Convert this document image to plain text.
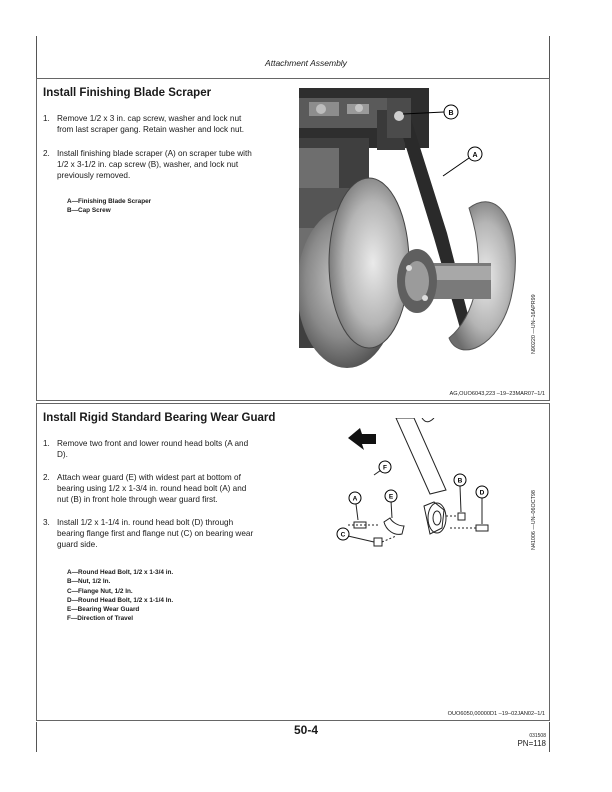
Attachment Assembly
Install Finishing Blade Scraper
1. Remove 1/2 x 3 in. cap screw, washer and lock nut
from last scraper gang. Retain washer and lock nut.
2. Install finishing blade scraper (A) on scraper tube with
1/2 x 3-1/2 in. cap screw (B), washer, and lock nut
previously removed.
A—Finishing Blade Scraper
B—Cap Screw
B
A
N90220 —UN–16APR99
AG,OUO6043,223 –19–23MAR07–1/1
Install Rigid Standard Bearing Wear Guard
1. Remove two front and lower round head bolts (A and
D).
2. Attach wear guard (E) with widest part at bottom of
bearing using 1/2 x 1-3/4 in. round head bolt (A) and
nut (B) in front hole through wear guard first.
3. Install 1/2 x 1-1/4 in. round head bolt (D) through
bearing flange first and flange nut (C) on bearing wear
guard side.
A—Round Head Bolt, 1/2 x 1-3/4 in.
B—Nut, 1/2 In.
C—Flange Nut, 1/2 In.
D—Round Head Bolt, 1/2 x 1-1/4 In.
E—Bearing Wear Guard
F—Direction of Travel
F
A	E
B
D
C	N41006 —UN–06OCT98
OUO6050,00000D1 –19–02JAN02–1/1
50-4	031508
PN=118
